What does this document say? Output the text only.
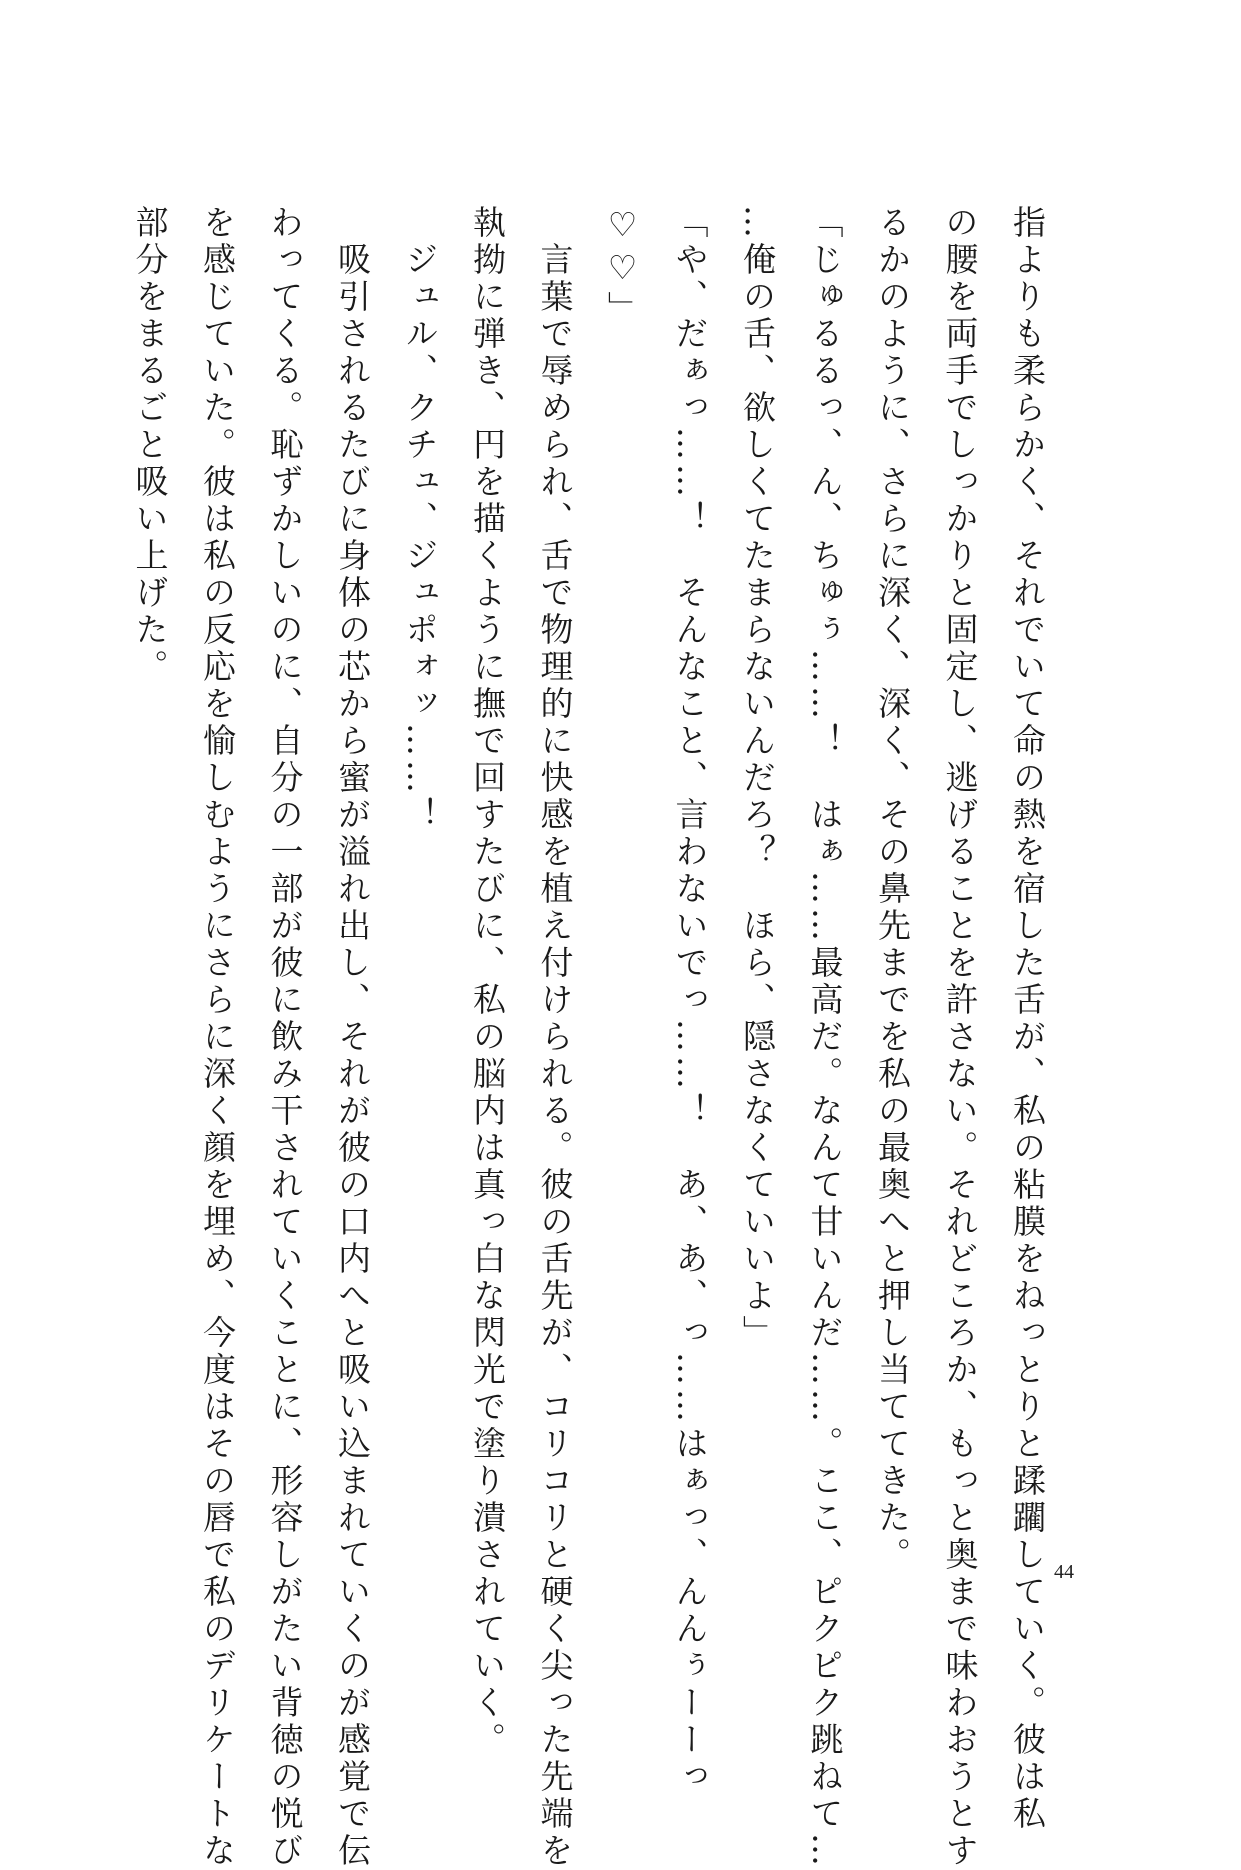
指よりも柔らかく、それでいて命の熱を宿した舌が、私の粘膜をねっとりと蹂躙していく。彼は私
の腰を両手でしっかりと固定し、逃げることを許さない。それどころか、もっと奥まで味わおうとす
るかのように、さらに深く、深く、その鼻先までを私の最奥へと押し当ててきた。
「じゅるるっ、ん、ちゅぅ……！　はぁ……最高だ。なんて甘いんだ……。ここ、ピクピク跳ねて…
…俺の舌、欲しくてたまらないんだろ？　ほら、隠さなくていいよ」
「や、だぁっ……！　そんなこと、言わないでっ……！　あ、あ、っ……はぁっ、んんぅーーっ
♡♡」
　言葉で辱められ、舌で物理的に快感を植え付けられる。彼の舌先が、コリコリと硬く尖った先端を
執拗に弾き、円を描くように撫で回すたびに、私の脳内は真っ白な閃光で塗り潰されていく。
　ジュル、クチュ、ジュポォッ……！
　吸引されるたびに身体の芯から蜜が溢れ出し、それが彼の口内へと吸い込まれていくのが感覚で伝
わってくる。恥ずかしいのに、自分の一部が彼に飲み干されていくことに、形容しがたい背徳の悦び
を感じていた。彼は私の反応を愉しむようにさらに深く顔を埋め、今度はその唇で私のデリケートな
部分をまるごと吸い上げた。
44
